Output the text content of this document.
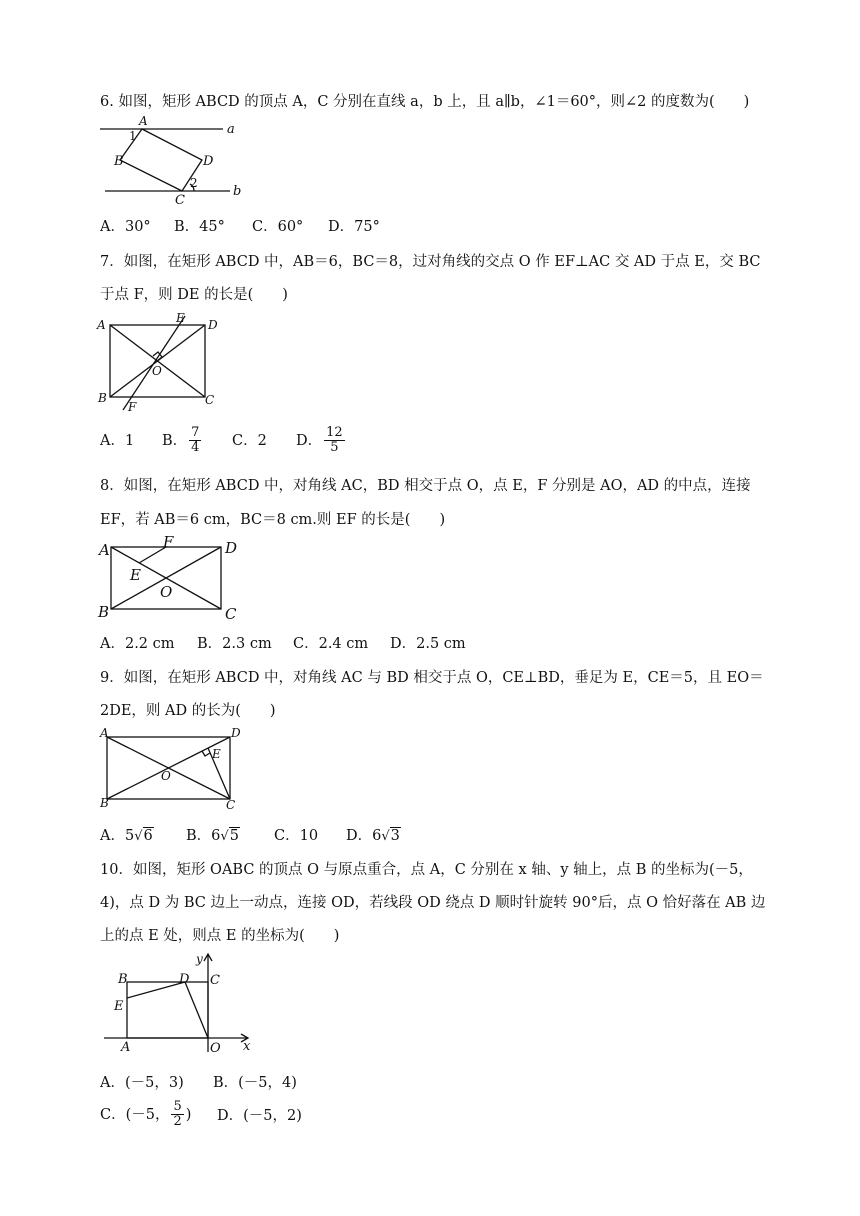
6. 如图，矩形 ABCD 的顶点 A，C 分别在直线 a，b 上，且 a∥b，∠1＝60°，则∠2 的度数为(　　)
a
b
A
1
B	D
2
C
A．30° B．45° C．60° D．75°
7．如图，在矩形 ABCD 中，AB＝6，BC＝8，过对角线的交点 O 作 EF⊥AC 交 AD 于点 E，交 BC
于点 F，则 DE 的长是(　　)
A	E D
O
B	C
F
A．1 B． $\frac{7}{4}$ C．2 D． $\frac{12}{5}$
8．如图，在矩形 ABCD 中，对角线 AC，BD 相交于点 O，点 E，F 分别是 AO，AD 的中点，连接
EF，若 AB＝6 cm，BC＝8 cm.则 EF 的长是(　　)
A	F	D
E
O
B	C
A．2.2 cm B．2.3 cm C．2.4 cm D．2.5 cm
9．如图，在矩形 ABCD 中，对角线 AC 与 BD 相交于点 O，CE⊥BD，垂足为 E，CE＝5，且 EO＝
2DE，则 AD 的长为(　　)
A	D
E
O
B	C
A．5√6 B．6√5 C．10 D．6√3
10．如图，矩形 OABC 的顶点 O 与原点重合，点 A，C 分别在 x 轴、y 轴上，点 B 的坐标为(－5，
4)，点 D 为 BC 边上一动点，连接 OD，若线段 OD 绕点 D 顺时针旋转 90°后，点 O 恰好落在 AB 边
上的点 E 处，则点 E 的坐标为(　　)
y
B	D C
E
A	O x
A．(－5，3) B．(－5，4)
C．(－5， $\frac{5}{2}$ ) D．(－5，2)
